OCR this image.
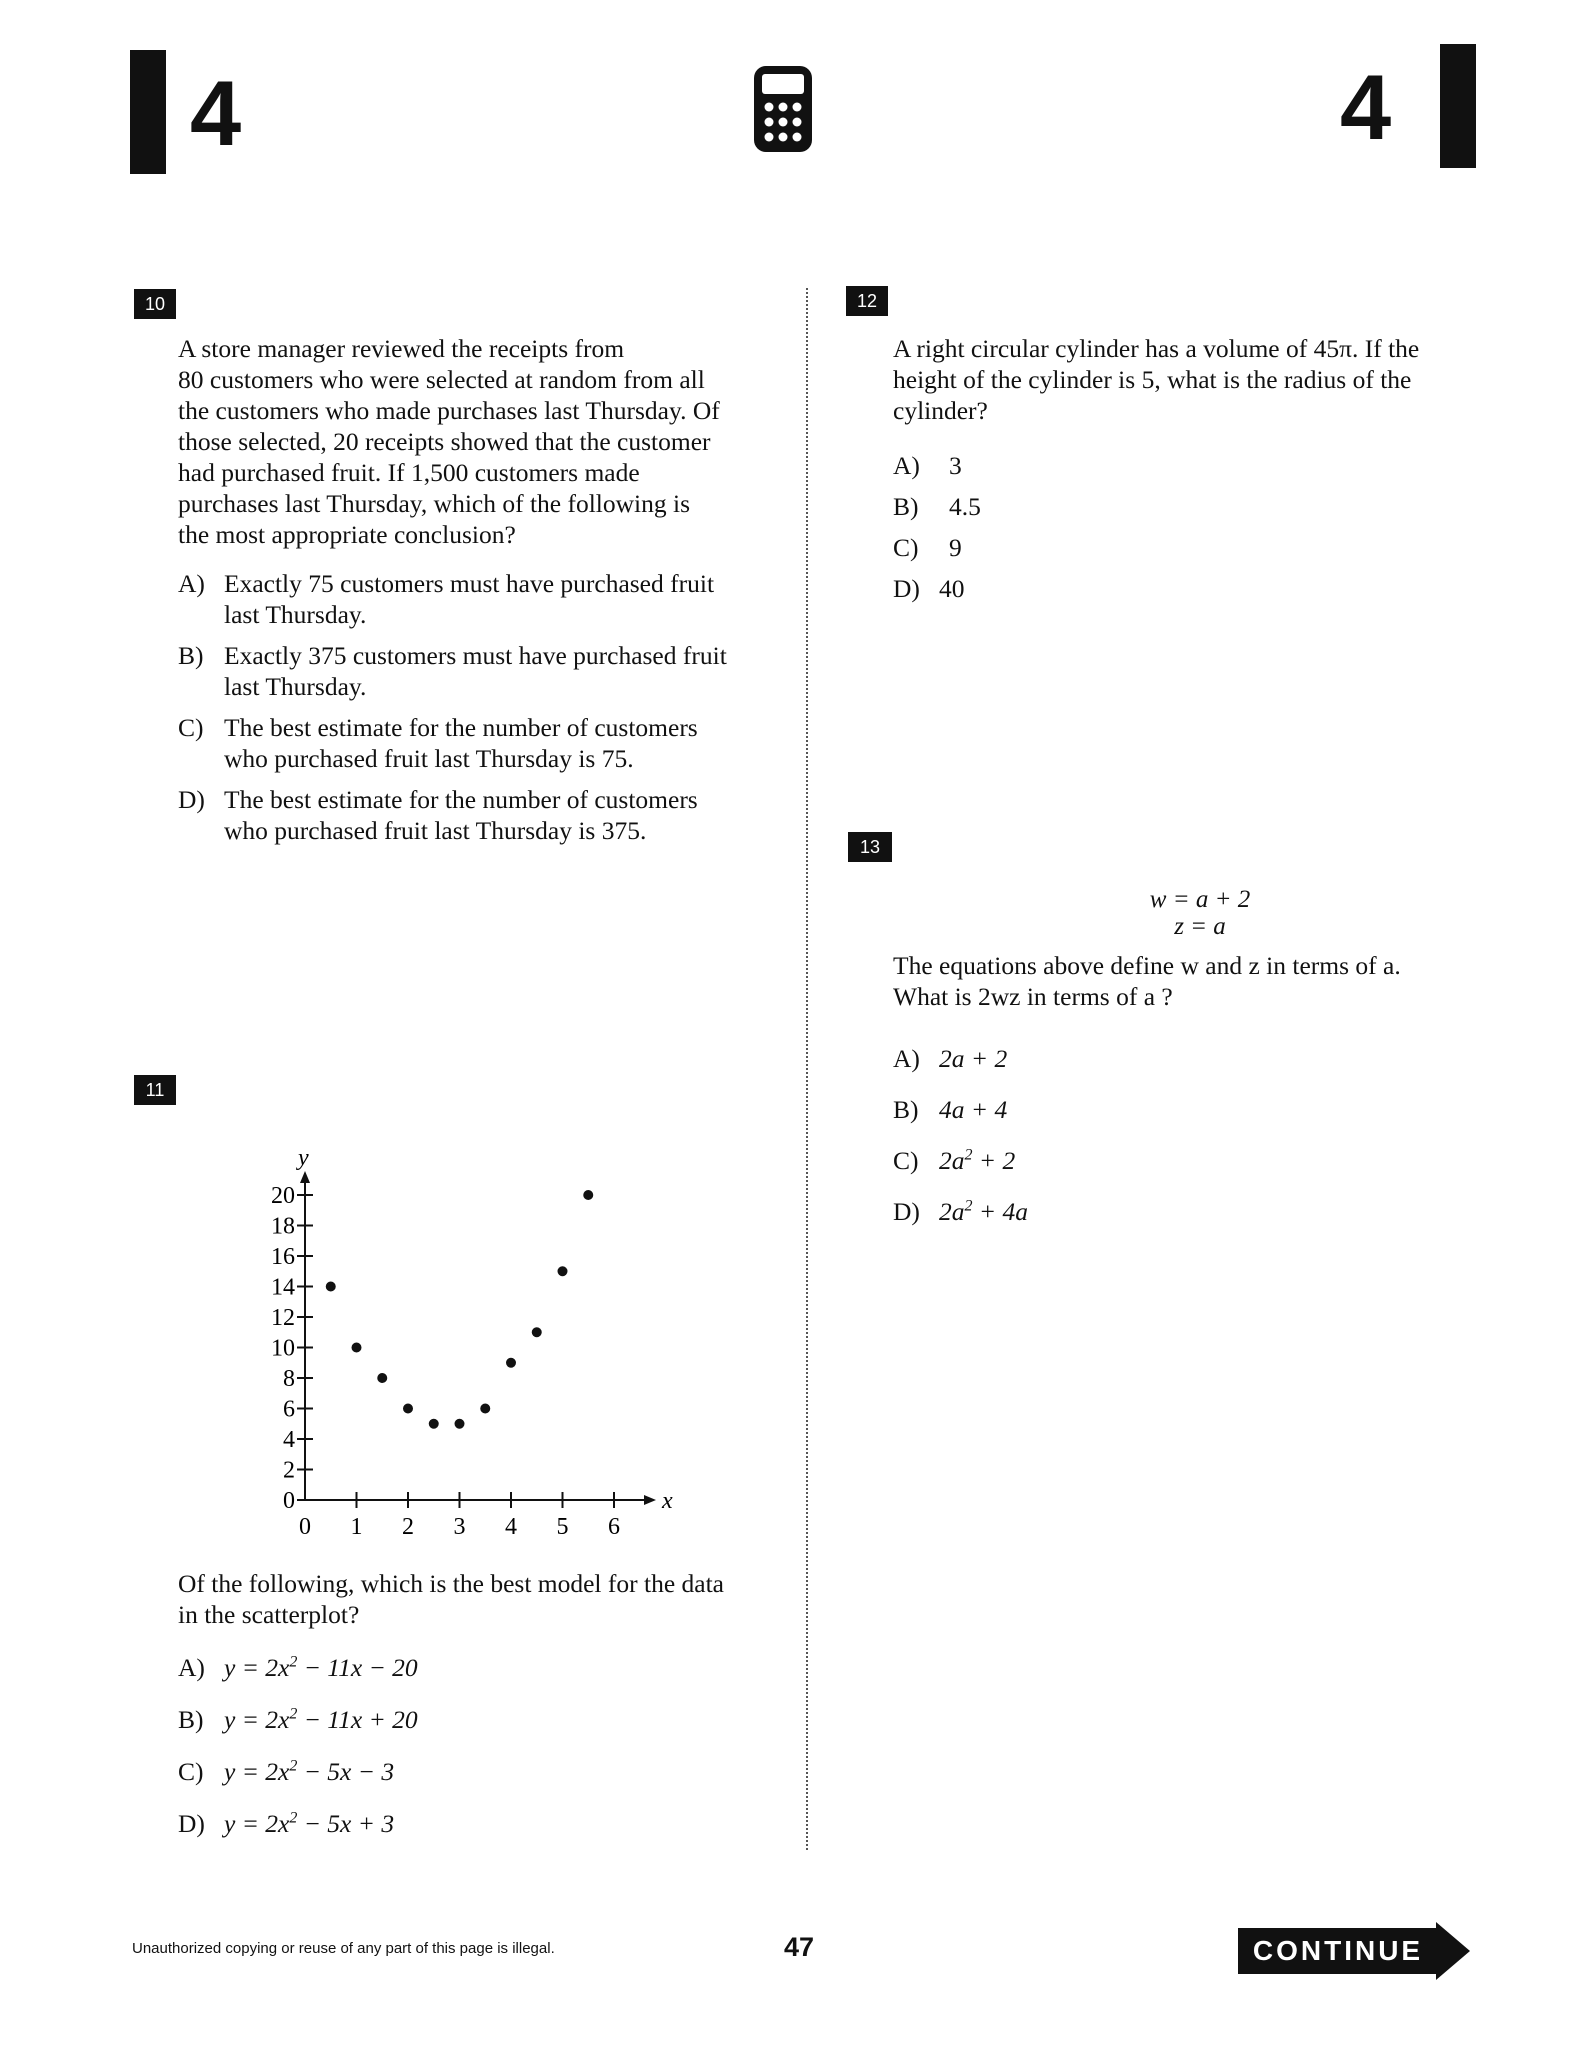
4	4
10
A store manager reviewed the receipts from
80 customers who were selected at random from all
the customers who made purchases last Thursday. Of
those selected, 20 receipts showed that the customer
had purchased fruit. If 1,500 customers made
purchases last Thursday, which of the following is
the most appropriate conclusion?
A) Exactly 75 customers must have purchased fruit
last Thursday.
B) Exactly 375 customers must have purchased fruit
last Thursday.
C) The best estimate for the number of customers
who purchased fruit last Thursday is 75.
D) The best estimate for the number of customers
who purchased fruit last Thursday is 375.
11
x
y
0 1 2 3 4 5 6
0
2
4
6
8
10
12
14
16
18
20
Of the following, which is the best model for the data
in the scatterplot?
A) $y = 2x^2 - 11x - 20$
B) $y = 2x^2 - 11x + 20$
C) $y = 2x^2 - 5x - 3$
D) $y = 2x^2 - 5x + 3$
12
A right circular cylinder has a volume of 45π. If the
height of the cylinder is 5, what is the radius of the
cylinder?
A) 3
B) 4.5
C) 9
D) 40
13
w = a + 2
z = a
The equations above define w and z in terms of a.
What is 2wz in terms of a ?
A) 2a + 2
B) 4a + 4
C) $2a^2 + 2$
D) $2a^2 + 4a$
Unauthorized copying or reuse of any part of this page is illegal.	47	CONTINUE
